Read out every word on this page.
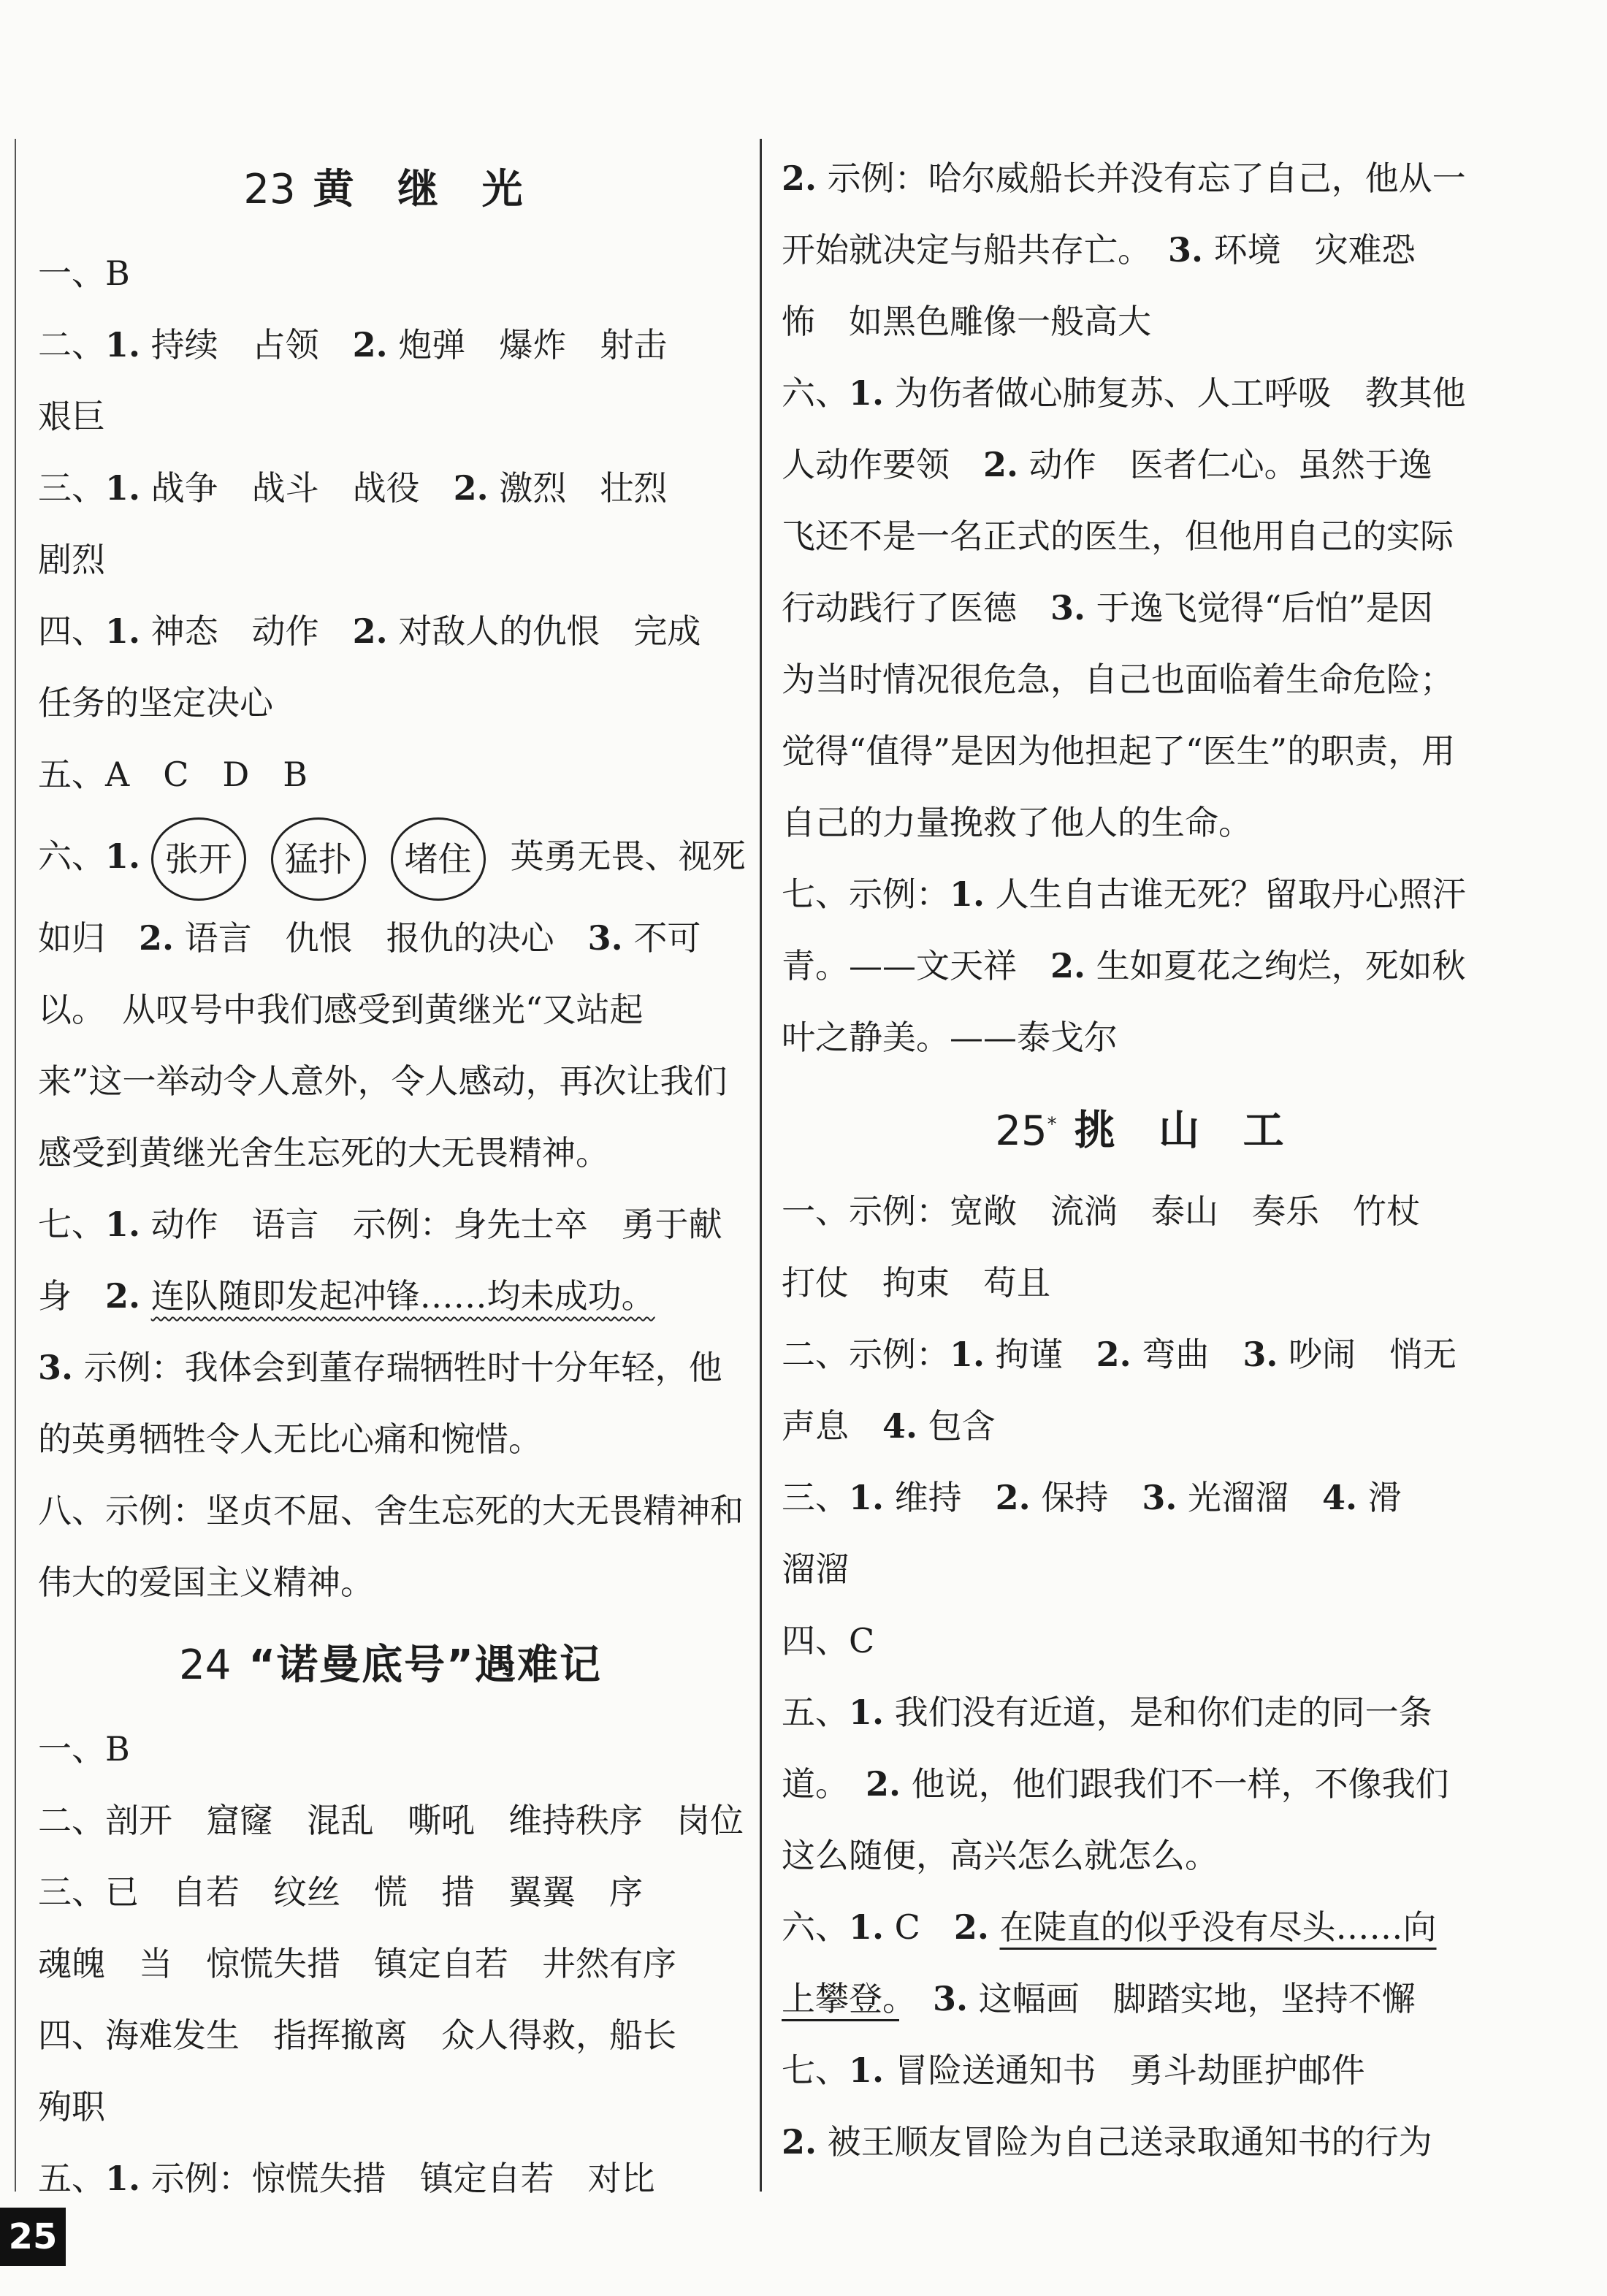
23 黄 继 光
一、B
二、1. 持续　占领　2. 炮弹　爆炸　射击
艰巨
三、1. 战争　战斗　战役　2. 激烈　壮烈
剧烈
四、1. 神态　动作　2. 对敌人的仇恨　完成
任务的坚定决心
五、A　C　D　B
六、1. 张开 猛扑 堵住 英勇无畏、视死
如归　2. 语言　仇恨　报仇的决心　3. 不可
以。　从叹号中我们感受到黄继光“又站起
来”这一举动令人意外，令人感动，再次让我们
感受到黄继光舍生忘死的大无畏精神。
七、1. 动作　语言　示例：身先士卒　勇于献
身　2. 连队随即发起冲锋……均未成功。
3. 示例：我体会到董存瑞牺牲时十分年轻，他
的英勇牺牲令人无比心痛和惋惜。
八、示例：坚贞不屈、舍生忘死的大无畏精神和
伟大的爱国主义精神。
24 “诺曼底号”遇难记
一、B
二、剖开　窟窿　混乱　嘶吼　维持秩序　岗位
三、已　自若　纹丝　慌　措　翼翼　序
魂魄　当　惊慌失措　镇定自若　井然有序
四、海难发生　指挥撤离　众人得救，船长
殉职
五、1. 示例：惊慌失措　镇定自若　对比
2. 示例：哈尔威船长并没有忘了自己，他从一
开始就决定与船共存亡。　3. 环境　灾难恐
怖　如黑色雕像一般高大
六、1. 为伤者做心肺复苏、人工呼吸　教其他
人动作要领　2. 动作　医者仁心。虽然于逸
飞还不是一名正式的医生，但他用自己的实际
行动践行了医德　3. 于逸飞觉得“后怕”是因
为当时情况很危急，自己也面临着生命危险；
觉得“值得”是因为他担起了“医生”的职责，用
自己的力量挽救了他人的生命。
七、示例：1. 人生自古谁无死？留取丹心照汗
青。——文天祥　2. 生如夏花之绚烂，死如秋
叶之静美。——泰戈尔
25* 挑 山 工
一、示例：宽敞　流淌　泰山　奏乐　竹杖
打仗　拘束　苟且
二、示例：1. 拘谨　2. 弯曲　3. 吵闹　悄无
声息　4. 包含
三、1. 维持　2. 保持　3. 光溜溜　4. 滑
溜溜
四、C
五、1. 我们没有近道，是和你们走的同一条
道。　2. 他说，他们跟我们不一样，不像我们
这么随便，高兴怎么就怎么。
六、1. C　2. 在陡直的似乎没有尽头……向
上攀登。　 3. 这幅画　脚踏实地，坚持不懈
七、1. 冒险送通知书　勇斗劫匪护邮件
2. 被王顺友冒险为自己送录取通知书的行为
25
